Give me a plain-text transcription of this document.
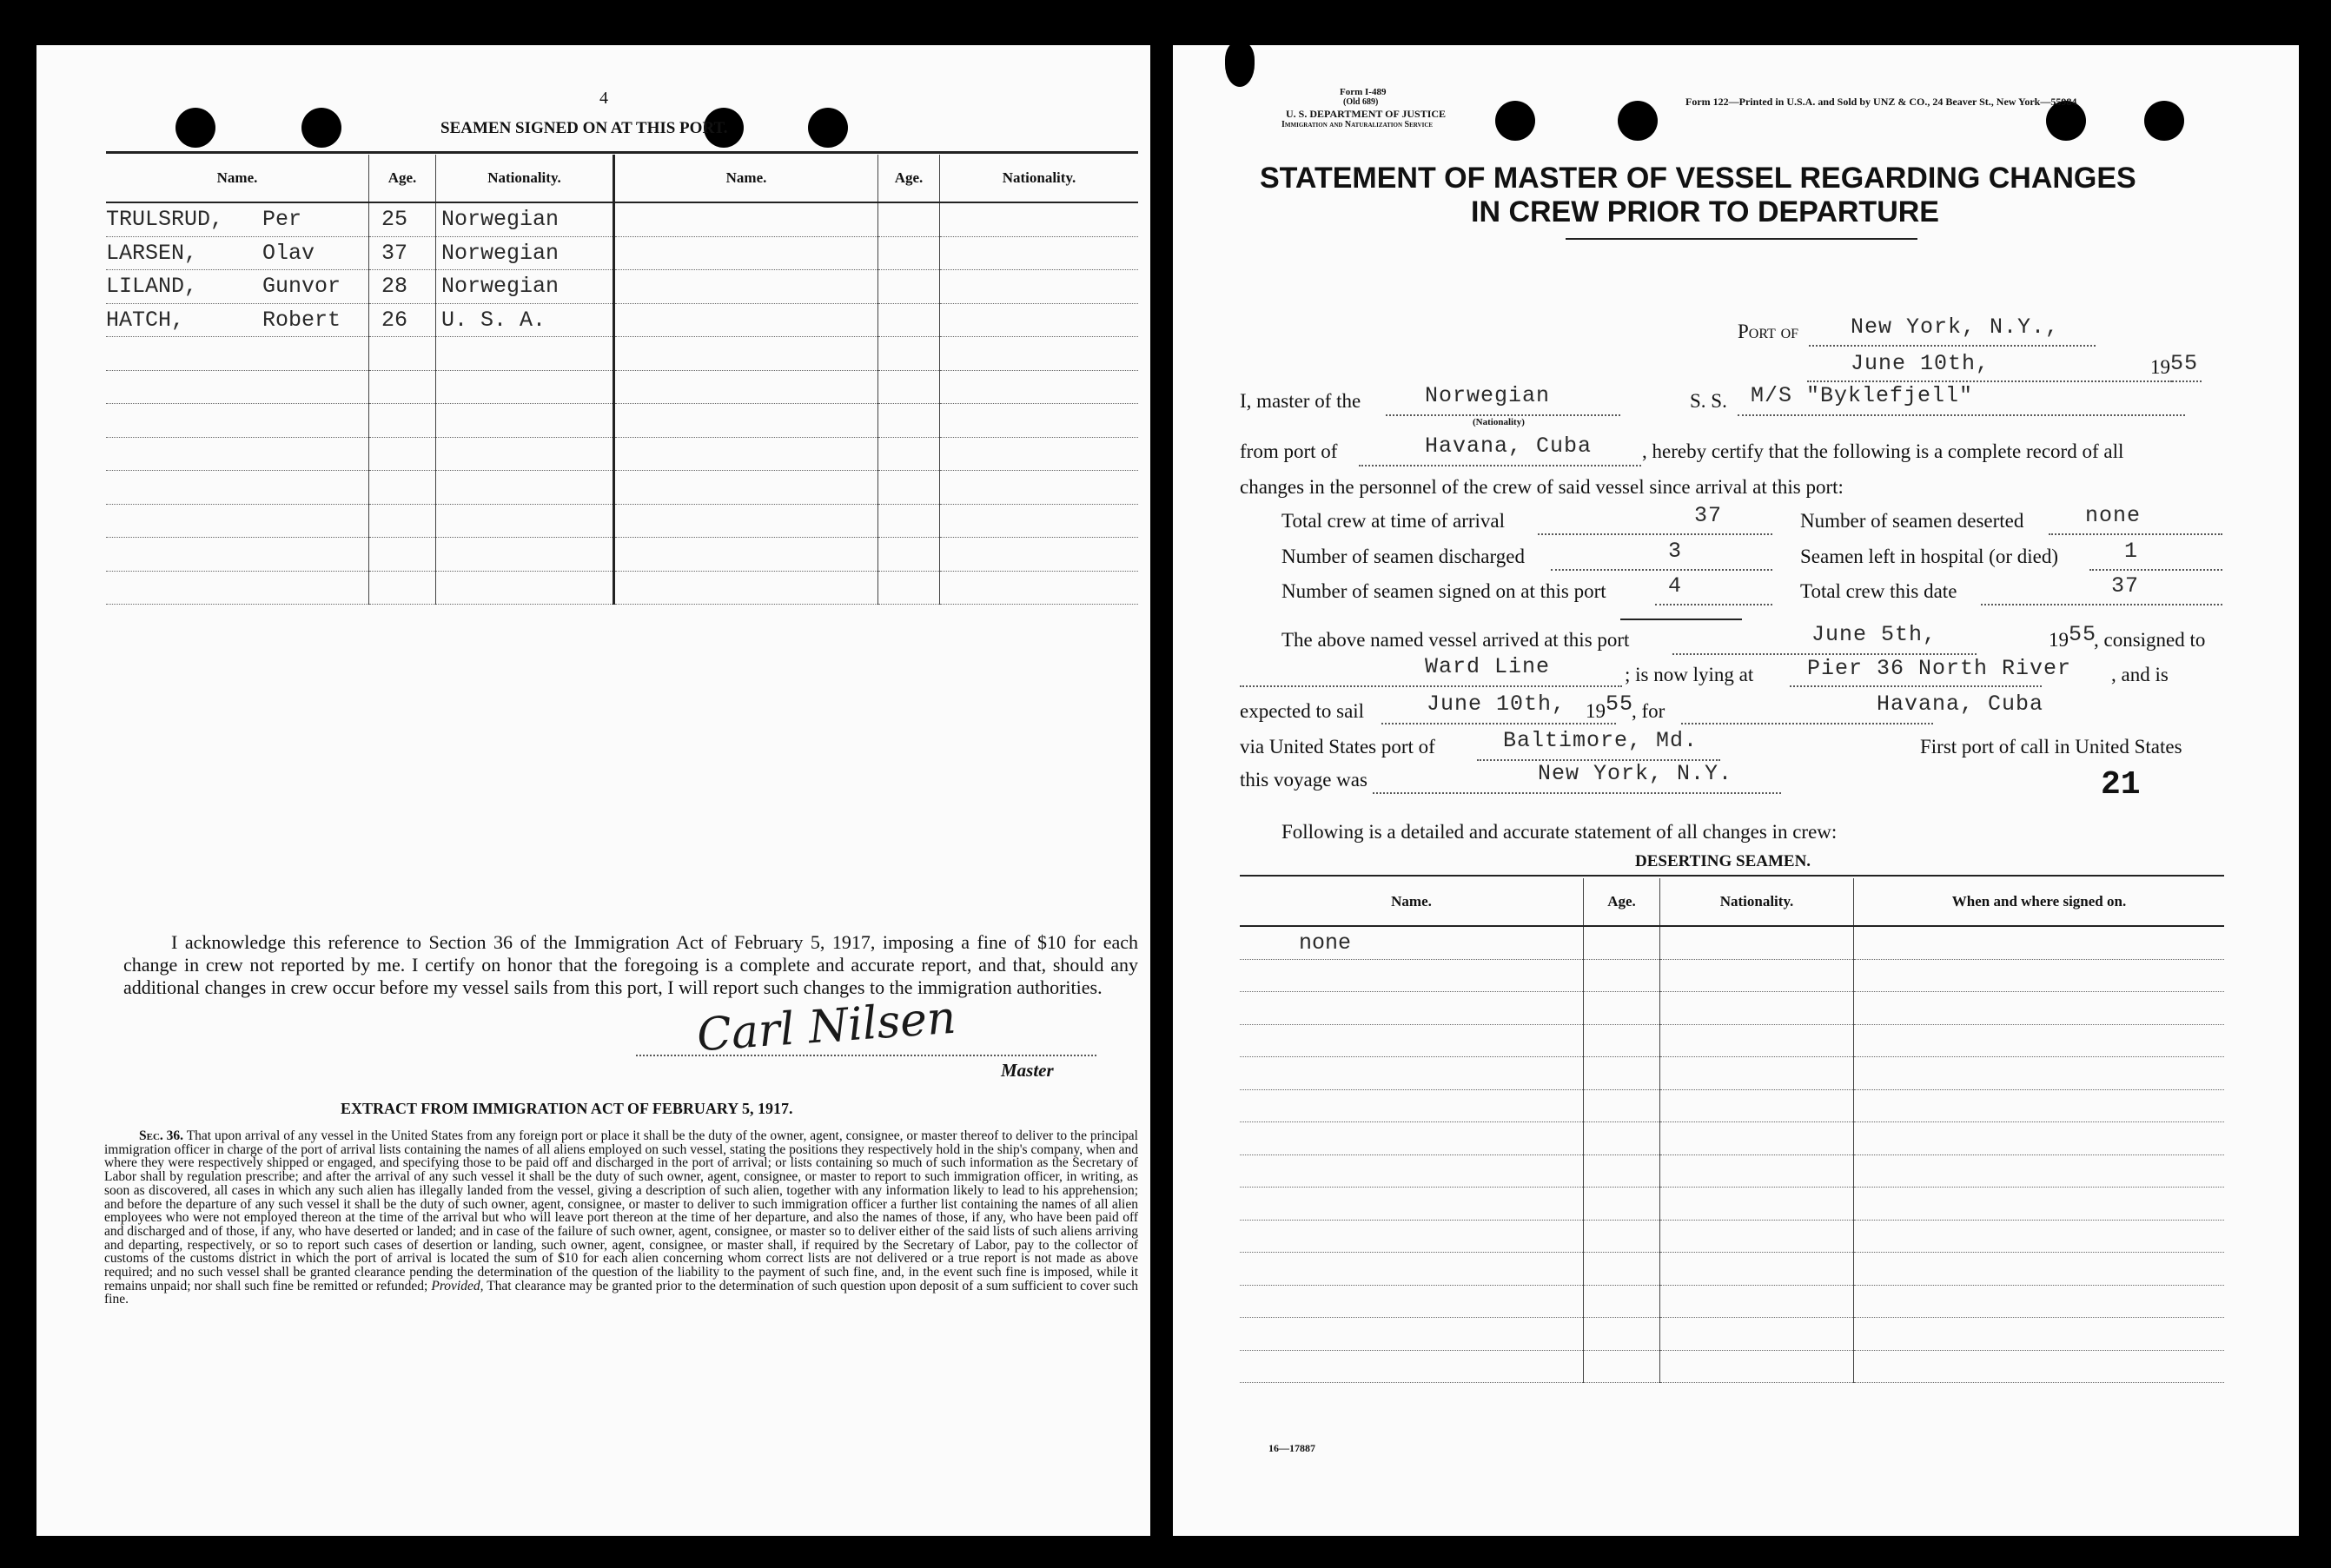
4
SEAMEN SIGNED ON AT THIS PORT.
Name.	Age.	Nationality.	Name.	Age.	Nationality.
TRULSRUD, Per	25	Norwegian			
LARSEN, Olav	37	Norwegian			
LILAND, Gunvor	28	Norwegian			
HATCH, Robert	26	U. S. A.			

I acknowledge this reference to Section 36 of the Immigration Act of February 5, 1917, imposing a fine of $10 for each change in crew not reported by me. I certify on honor that the foregoing is a complete and accurate report, and that, should any additional changes in crew occur before my vessel sails from this port, I will report such changes to the immigration authorities.
Carl Nilsen
Master
EXTRACT FROM IMMIGRATION ACT OF FEBRUARY 5, 1917.
Sec. 36. That upon arrival of any vessel in the United States from any foreign port or place it shall be the duty of the owner, agent, consignee, or master thereof to deliver to the principal immigration officer in charge of the port of arrival lists containing the names of all aliens employed on such vessel, stating the positions they respectively hold in the ship's company, when and where they were respectively shipped or engaged, and specifying those to be paid off and discharged in the port of arrival; or lists containing so much of such information as the Secretary of Labor shall by regulation prescribe; and after the arrival of any such vessel it shall be the duty of such owner, agent, consignee, or master to report to such immigration officer, in writing, as soon as discovered, all cases in which any such alien has illegally landed from the vessel, giving a description of such alien, together with any information likely to lead to his apprehension; and before the departure of any such vessel it shall be the duty of such owner, agent, consignee, or master to deliver to such immigration officer a further list containing the names of all alien employees who were not employed thereon at the time of the arrival but who will leave port thereon at the time of her departure, and also the names of those, if any, who have been paid off and discharged and of those, if any, who have deserted or landed; and in case of the failure of such owner, agent, consignee, or master so to deliver either of the said lists of such aliens arriving and departing, respectively, or so to report such cases of desertion or landing, such owner, agent, consignee, or master shall, if required by the Secretary of Labor, pay to the collector of customs of the customs district in which the port of arrival is located the sum of $10 for each alien concerning whom correct lists are not delivered or a true report is not made as above required; and no such vessel shall be granted clearance pending the determination of the question of the liability to the payment of such fine, and, in the event such fine is imposed, while it remains unpaid; nor shall such fine be remitted or refunded; Provided, That clearance may be granted prior to the determination of such question upon deposit of a sum sufficient to cover such fine.
Form I-489
(Old 689)
U. S. DEPARTMENT OF JUSTICE
Immigration and Naturalization Service
Form 122—Printed in U.S.A. and Sold by UNZ & CO., 24 Beaver St., New York—55984
STATEMENT OF MASTER OF VESSEL REGARDING CHANGES
IN CREW PRIOR TO DEPARTURE
Port of New York, N.Y.,
June 10th,	19 55
I, master of the	Norwegian
(Nationality)
S. S. M/S "Byklefjell"
from port of	Havana, Cuba	, hereby certify that the following is a complete record of all
changes in the personnel of the crew of said vessel since arrival at this port:
Total crew at time of arrival	37	Number of seamen deserted	none
Number of seamen discharged	3	Seamen left in hospital (or died)	1
Number of seamen signed on at this port	4	Total crew this date	37
The above named vessel arrived at this port	June 5th,	19 55
, consigned to
Ward Line	; is now lying at Pier 36 North River , and is
expected to sail	June 10th, 19 55
, for	Havana, Cuba
via United States port of	Baltimore, Md.	First port of call in United States
this voyage was	New York, N.Y.	21
Following is a detailed and accurate statement of all changes in crew:
DESERTING SEAMEN.
Name.	Age.	Nationality.	When and where signed on.
none			

16—17887
